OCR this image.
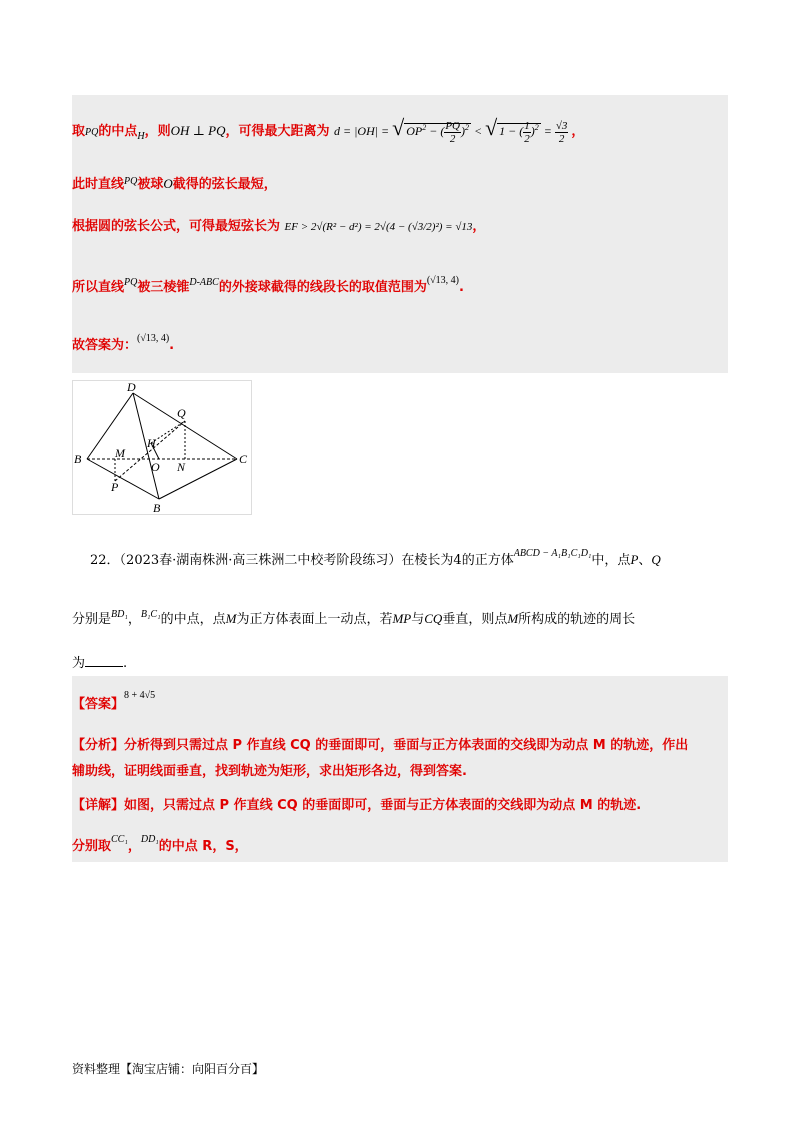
取PQ的中点$_H$，则OH ⊥ PQ，可得最大距离为 d = |OH| = √ $OP^2$ − ( $\frac{PQ}{2} )^2$ < √ 1 − ( $\frac{1}{2} )^2 = \frac{√3}{2}$ ，
此时直线$^{PQ}$被球O截得的弦长最短，
根据圆的弦长公式，可得最短弦长为 EF > 2√(R² − d²) = 2√(4 − (√3/2)²) = √13，
所以直线$^{PQ}$被三棱锥$^{D-ABC}$的外接球截得的线段长的取值范围为$^{(√13, 4)}$.
故答案为：$^{(√13, 4)}$.
D
Q
H
M
O N
B	C
P
B
22．（2023春·湖南株洲·高三株洲二中校考阶段练习）在棱长为4的正方体$^{ABCD - A_1B_1C_1D_1}$中，点P、Q
分别是$^{BD_1}$，$^{B_1C_1}$的中点，点M为正方体表面上一动点，若MP与CQ垂直，则点M所构成的轨迹的周长
为	.
【答案】$^{8 + 4√5}$
【分析】分析得到只需过点 P 作直线 CQ 的垂面即可，垂面与正方体表面的交线即为动点 M 的轨迹，作出
辅助线，证明线面垂直，找到轨迹为矩形，求出矩形各边，得到答案.
【详解】如图，只需过点 P 作直线 CQ 的垂面即可，垂面与正方体表面的交线即为动点 M 的轨迹.
分别取$^{CC_1}$，$^{DD_1}$的中点 R，S，
资料整理【淘宝店铺：向阳百分百】
